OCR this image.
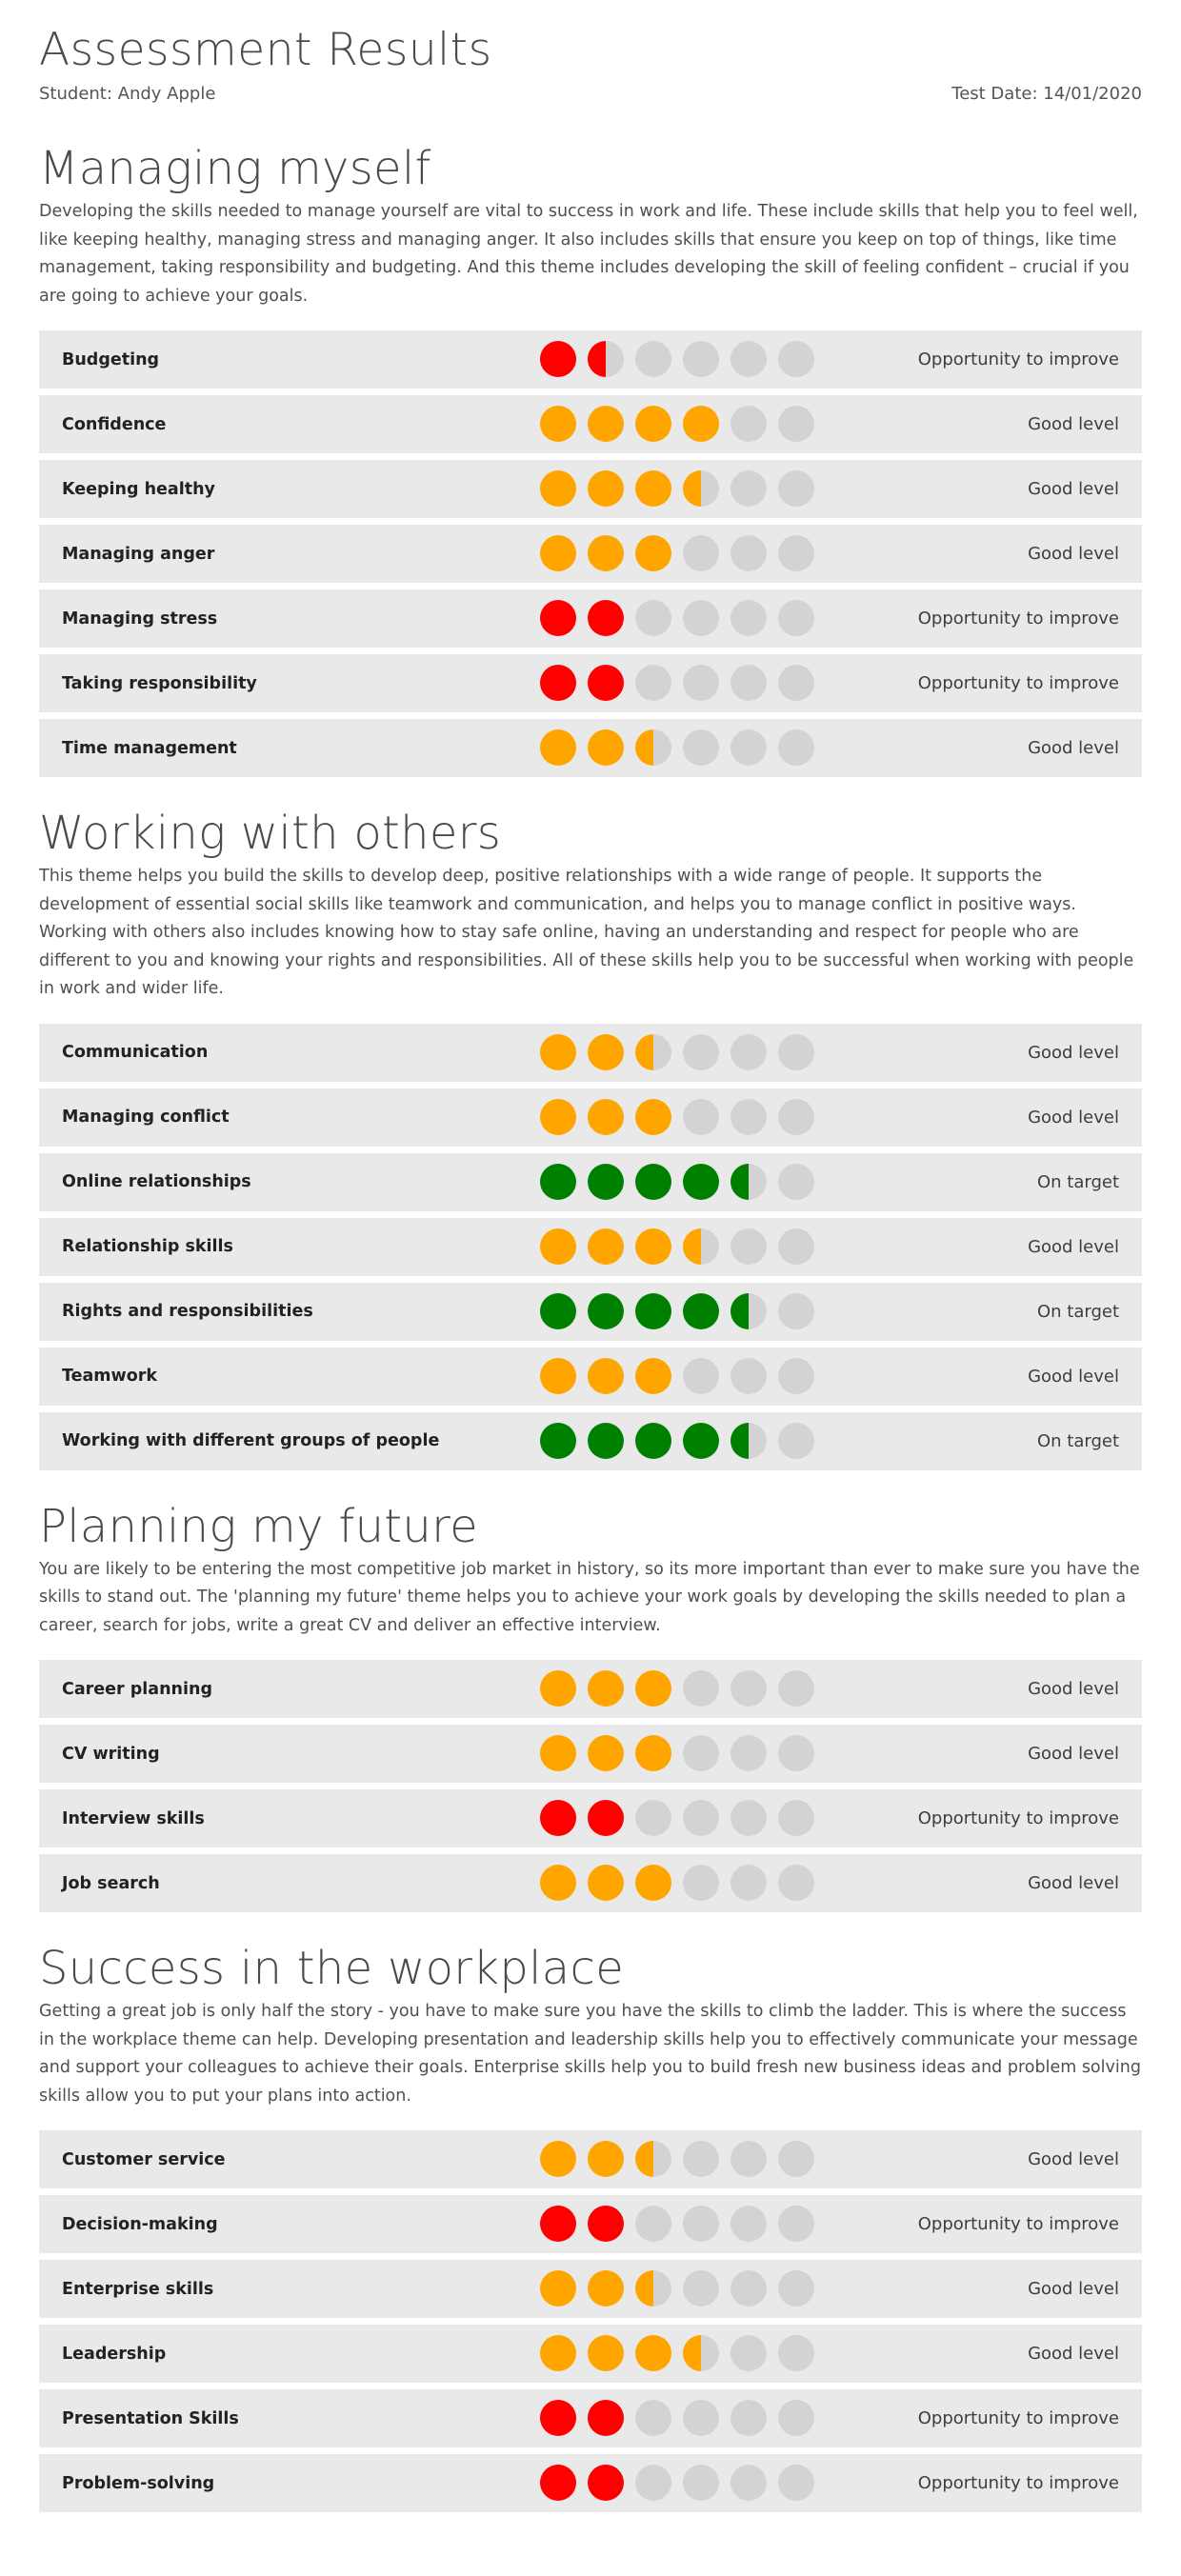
Assessment Results
Student: Andy Apple	Test Date: 14/01/2020
Managing myself

Developing the skills needed to manage yourself are vital to success in work and life. These include skills that help you to feel well, like keeping healthy, managing stress and managing anger. It also includes skills that ensure you keep on top of things, like time management, taking responsibility and budgeting. And this theme includes developing the skill of feeling confident – crucial if you are going to achieve your goals.

Budgeting	Opportunity to improve
Confidence	Good level
Keeping healthy	Good level
Managing anger	Good level
Managing stress	Opportunity to improve
Taking responsibility	Opportunity to improve
Time management	Good level
Working with others

This theme helps you build the skills to develop deep, positive relationships with a wide range of people. It supports the development of essential social skills like teamwork and communication, and helps you to manage conflict in positive ways. Working with others also includes knowing how to stay safe online, having an understanding and respect for people who are different to you and knowing your rights and responsibilities. All of these skills help you to be successful when working with people in work and wider life.

Communication	Good level
Managing conflict	Good level
Online relationships	On target
Relationship skills	Good level
Rights and responsibilities	On target
Teamwork	Good level
Working with different groups of people	On target
Planning my future

You are likely to be entering the most competitive job market in history, so its more important than ever to make sure you have the skills to stand out. The 'planning my future' theme helps you to achieve your work goals by developing the skills needed to plan a career, search for jobs, write a great CV and deliver an effective interview.

Career planning	Good level
CV writing	Good level
Interview skills	Opportunity to improve
Job search	Good level
Success in the workplace

Getting a great job is only half the story - you have to make sure you have the skills to climb the ladder. This is where the success in the workplace theme can help. Developing presentation and leadership skills help you to effectively communicate your message and support your colleagues to achieve their goals. Enterprise skills help you to build fresh new business ideas and problem solving skills allow you to put your plans into action.

Customer service	Good level
Decision-making	Opportunity to improve
Enterprise skills	Good level
Leadership	Good level
Presentation Skills	Opportunity to improve
Problem-solving	Opportunity to improve
